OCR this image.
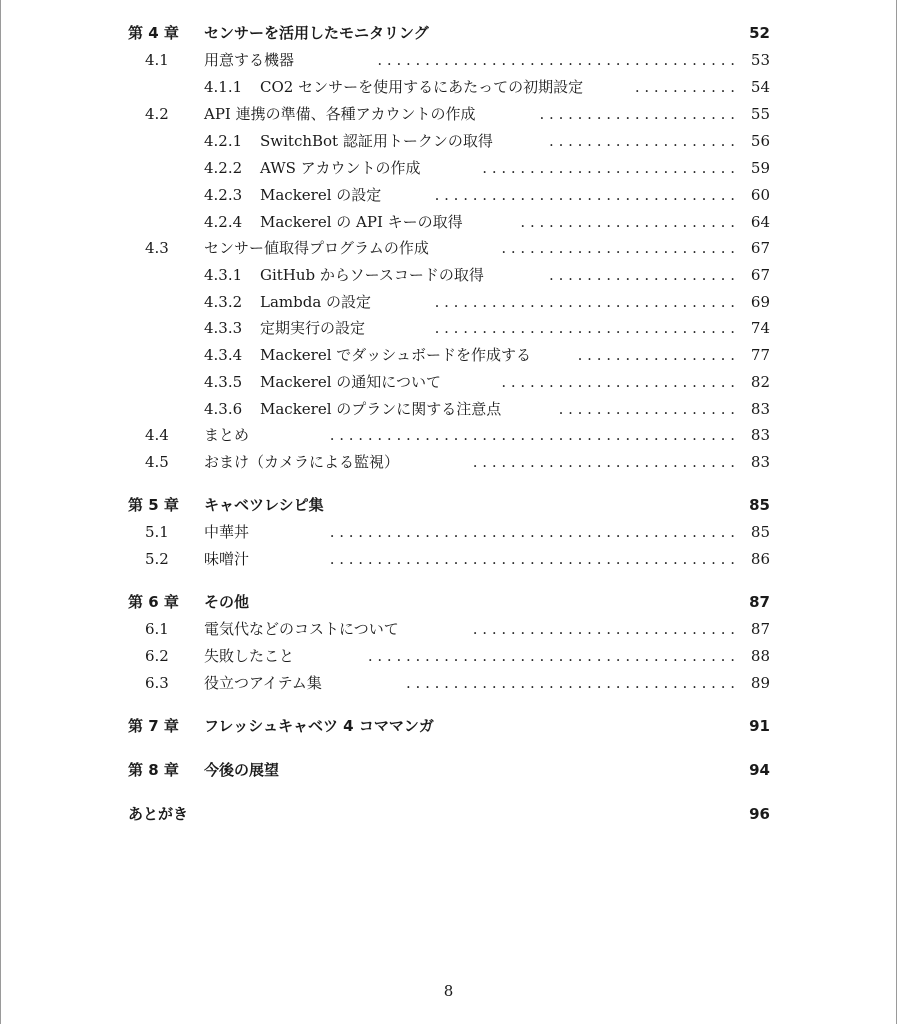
第 4 章 センサーを活用したモニタリング	52
4.1 用意する機器	. . . . . . . . . . . . . . . . . . . . . . . . . . . . . . . . . . . . . . 53
4.1.1 CO2 センサーを使用するにあたっての初期設定	. . . . . . . . . . . 54
4.2 API 連携の準備、各種アカウントの作成	. . . . . . . . . . . . . . . . . . . . . 55
4.2.1 SwitchBot 認証用トークンの取得	. . . . . . . . . . . . . . . . . . . . 56
4.2.2 AWS アカウントの作成	. . . . . . . . . . . . . . . . . . . . . . . . . . . 59
4.2.3 Mackerel の設定	. . . . . . . . . . . . . . . . . . . . . . . . . . . . . . . . 60
4.2.4 Mackerel の API キーの取得	. . . . . . . . . . . . . . . . . . . . . . . 64
4.3 センサー値取得プログラムの作成	. . . . . . . . . . . . . . . . . . . . . . . . . 67
4.3.1 GitHub からソースコードの取得	. . . . . . . . . . . . . . . . . . . . 67
4.3.2 Lambda の設定	. . . . . . . . . . . . . . . . . . . . . . . . . . . . . . . . 69
4.3.3 定期実行の設定	. . . . . . . . . . . . . . . . . . . . . . . . . . . . . . . . 74
4.3.4 Mackerel でダッシュボードを作成する	. . . . . . . . . . . . . . . . . 77
4.3.5 Mackerel の通知について	. . . . . . . . . . . . . . . . . . . . . . . . . 82
4.3.6 Mackerel のプランに関する注意点	. . . . . . . . . . . . . . . . . . . 83
4.4 まとめ	. . . . . . . . . . . . . . . . . . . . . . . . . . . . . . . . . . . . . . . . . . . 83
4.5 おまけ（カメラによる監視）	. . . . . . . . . . . . . . . . . . . . . . . . . . . . 83
第 5 章 キャベツレシピ集	85
5.1 中華丼	. . . . . . . . . . . . . . . . . . . . . . . . . . . . . . . . . . . . . . . . . . . 85
5.2 味噌汁	. . . . . . . . . . . . . . . . . . . . . . . . . . . . . . . . . . . . . . . . . . . 86
第 6 章 その他	87
6.1 電気代などのコストについて	. . . . . . . . . . . . . . . . . . . . . . . . . . . . 87
6.2 失敗したこと	. . . . . . . . . . . . . . . . . . . . . . . . . . . . . . . . . . . . . . . 88
6.3 役立つアイテム集	. . . . . . . . . . . . . . . . . . . . . . . . . . . . . . . . . . . 89
第 7 章 フレッシュキャベツ 4 コママンガ	91
第 8 章 今後の展望	94
あとがき	96
8
